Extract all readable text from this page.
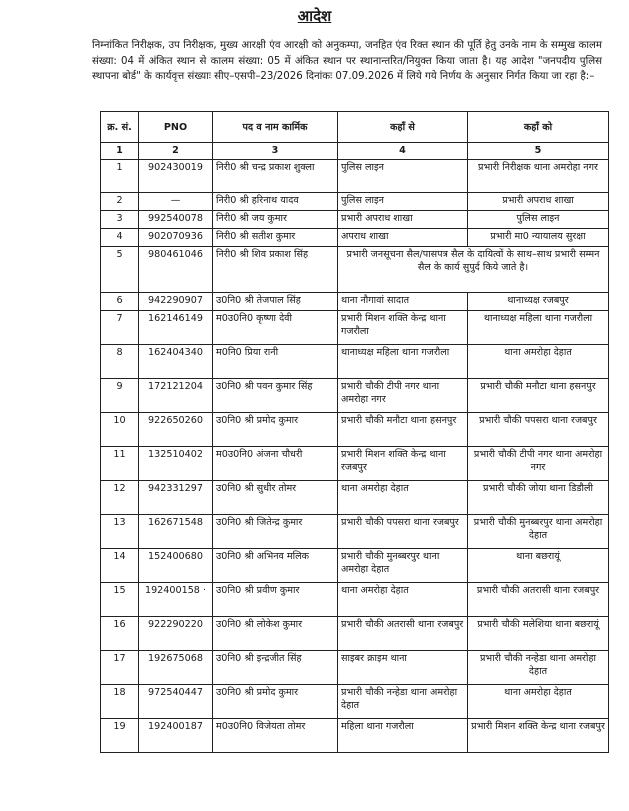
आदेश
निम्नांकित निरीक्षक, उप निरीक्षक, मुख्य आरक्षी एंव आरक्षी को अनुकम्पा, जनहित एंव रिक्त स्थान की पूर्ति हेतु उनके नाम के सम्मुख कालम संख्या: 04 में अंकित स्थान से कालम संख्या: 05 में अंकित स्थान पर स्थानान्तरित/नियुक्त किया जाता है। यह आदेश "जनपदीय पुलिस स्थापना बोर्ड" के कार्यवृत्त संख्याः सीए–एसपी–23/2026 दिनांकः 07.09.2026 में लिये गये निर्णय के अनुसार निर्गत किया जा रहा है:–
क्र. सं.	PNO	पद व नाम कार्मिक	कहाँ से	कहाँ को
1	2	3	4	5
1	902430019	निरी0 श्री चन्द्र प्रकाश शुक्ला	पुलिस लाइन	प्रभारी निरीक्षक थाना अमरोहा नगर
2	—	निरी0 श्री हरिनाथ यादव	पुलिस लाइन	प्रभारी अपराध शाखा
3	992540078	निरी0 श्री जय कुमार	प्रभारी अपराध शाखा	पुलिस लाइन
4	902070936	निरी0 श्री सतीश कुमार	अपराध शाखा	प्रभारी मा0 न्यायालय सुरक्षा
5	980461046	निरी0 श्री शिव प्रकाश सिंह	प्रभारी जनसूचना सैल/पासपत्र सैल के दायित्वों के साथ–साथ प्रभारी सम्मन सैल के कार्य सुपुर्द किये जाते है।	
6	942290907	उ0नि0 श्री तेजपाल सिंह	थाना नौगावां सादात	थानाध्यक्ष रजबपुर
7	162146149	म0उ0नि0 कृष्णा देवी	प्रभारी मिशन शक्ति केन्द्र थाना गजरौला	थानाध्यक्ष महिला थाना गजरौला
8	162404340	म0नि0 प्रिया रानी	थानाध्यक्ष महिला थाना गजरौला	थाना अमरोहा देहात
9	172121204	उ0नि0 श्री पवन कुमार सिंह	प्रभारी चौकी टीपी नगर थाना अमरोहा नगर	प्रभारी चौकी मनौटा थाना हसनपुर
10	922650260	उ0नि0 श्री प्रमोद कुमार	प्रभारी चौकी मनौटा थाना हसनपुर	प्रभारी चौकी पपसरा थाना रजबपुर
11	132510402	म0उ0नि0 अंजना चौधरी	प्रभारी मिशन शक्ति केन्द्र थाना रजबपुर	प्रभारी चौकी टीपी नगर थाना अमरोहा नगर
12	942331297	उ0नि0 श्री सुधीर तोमर	थाना अमरोहा देहात	प्रभारी चौकी जोया थाना डिडौली
13	162671548	उ0नि0 श्री जितेन्द्र कुमार	प्रभारी चौकी पपसरा थाना रजबपुर	प्रभारी चौकी मुनब्बरपुर थाना अमरोहा देहात
14	152400680	उ0नि0 श्री अभिनव मलिक	प्रभारी चौकी मुनब्बरपुर थाना अमरोहा देहात	थाना बछरायूं
15	192400158 ·	उ0नि0 श्री प्रवीण कुमार	थाना अमरोहा देहात	प्रभारी चौकी अतरासी थाना रजबपुर
16	922290220	उ0नि0 श्री लोकेश कुमार	प्रभारी चौकी अतरासी थाना रजबपुर	प्रभारी चौकी मलेशिया थाना बछरायूं
17	192675068	उ0नि0 श्री इन्द्रजीत सिंह	साइबर क्राइम थाना	प्रभारी चौकी नन्हेडा थाना अमरोहा देहात
18	972540447	उ0नि0 श्री प्रमोद कुमार	प्रभारी चौकी नन्हेडा थाना अमरोहा देहात	थाना अमरोहा देहात
19	192400187	म0उ0नि0 विजेयता तोमर	महिला थाना गजरौला	प्रभारी मिशन शक्ति केन्द्र थाना रजबपुर
